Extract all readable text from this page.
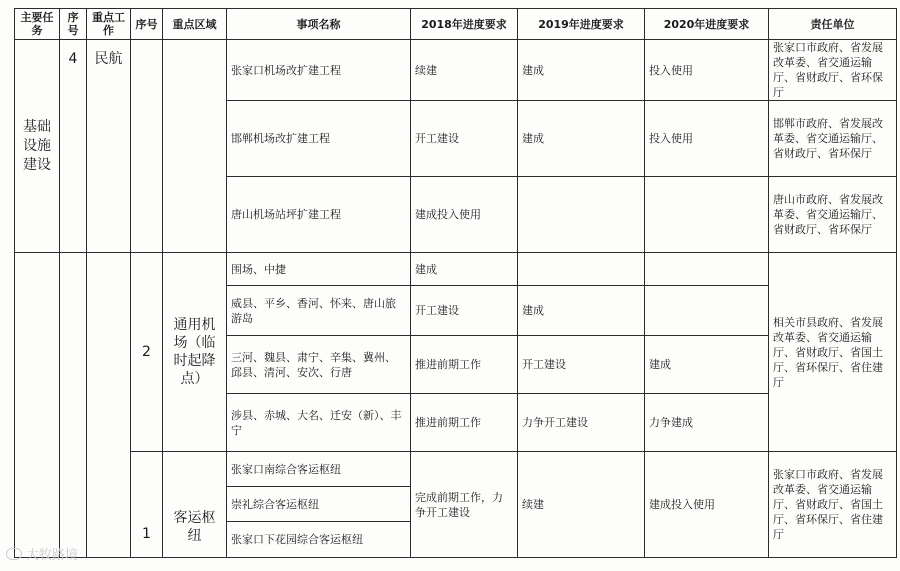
主要任务	序号	重点工作	序号	重点区域	事项名称	2018年进度要求	2019年进度要求	2020年进度要求	责任单位
基础设施建设	4	民航			张家口机场改扩建工程	续建	建成	投入使用	张家口市政府、省发展改革委、省交通运输厅、省财政厅、省环保厅
					邯郸机场改扩建工程	开工建设	建成	投入使用	邯郸市政府、省发展改革委、省交通运输厅、省财政厅、省环保厅
					唐山机场站坪扩建工程	建成投入使用			唐山市政府、省发展改革委、省交通运输厅、省财政厅、省环保厅
			2	通用机场（临时起降点）	围场、中捷	建成			相关市县政府、省发展改革委、省交通运输厅、省财政厅、省国土厅、省环保厅、省住建厅
					威县、平乡、香河、怀来、唐山旅游岛	开工建设	建成		
					三河、魏县、肃宁、辛集、冀州、邱县、清河、安次、行唐	推进前期工作	开工建设	建成	
					涉县、赤城、大名、迁安（新）、丰宁	推进前期工作	力争开工建设	力争建成	
			1	客运枢纽	张家口南综合客运枢纽	完成前期工作，力争开工建设	续建	建成投入使用	张家口市政府、省发展改革委、省交通运输厅、省财政厅、省国土厅、省环保厅、省住建厅
					崇礼综合客运枢纽				
					张家口下花园综合客运枢纽				
大牧路境
